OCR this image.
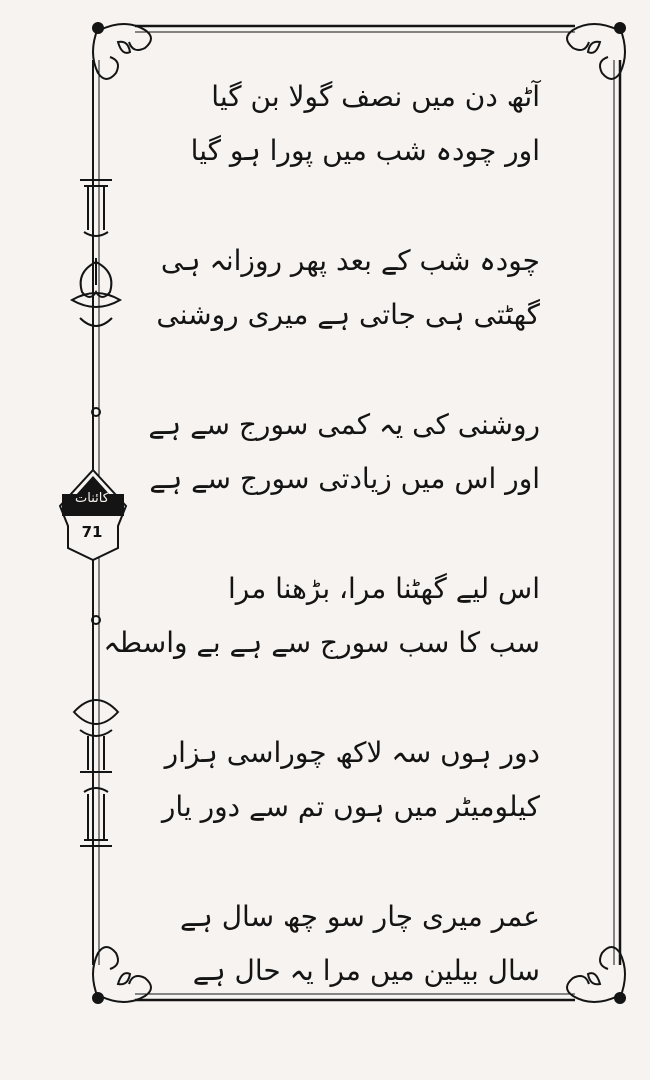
کائنات
71
آٹھ دن میں نصف گولا بن گیا
اور چودہ شب میں پورا ہو گیا
چودہ شب کے بعد پھر روزانہ ہی
گھٹتی ہی جاتی ہے میری روشنی
روشنی کی یہ کمی سورج سے ہے
اور اس میں زیادتی سورج سے ہے
اس لیے گھٹنا مرا، بڑھنا مرا
سب کا سب سورج سے ہے بے واسطہ
دور ہوں سہ لاکھ چوراسی ہزار
کیلومیٹر میں ہوں تم سے دور یار
عمر میری چار سو چھ سال ہے
سال بیلین میں مرا یہ حال ہے
